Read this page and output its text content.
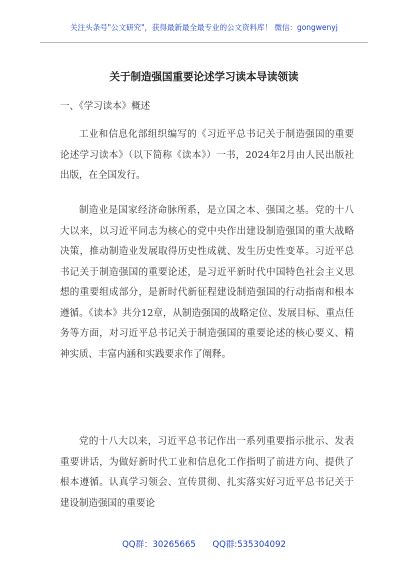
关注头条号"公文研究"，获得最新最全最专业的公文资料库！ 微信：gongwenyj
关于制造强国重要论述学习读本导读领读
一、《学习读本》概述

工业和信息化部组织编写的《习近平总书记关于制造强国的重要论述学习读本》（以下简称《读本》）一书，2024年2月由人民出版社出版，在全国发行。

制造业是国家经济命脉所系，是立国之本、强国之基。党的十八大以来，以习近平同志为核心的党中央作出建设制造强国的重大战略决策，推动制造业发展取得历史性成就、发生历史性变革。习近平总书记关于制造强国的重要论述，是习近平新时代中国特色社会主义思想的重要组成部分，是新时代新征程建设制造强国的行动指南和根本遵循。《读本》共分12章，从制造强国的战略定位、发展目标、重点任务等方面，对习近平总书记关于制造强国的重要论述的核心要义、精神实质、丰富内涵和实践要求作了阐释。

党的十八大以来，习近平总书记作出一系列重要指示批示、发表重要讲话，为做好新时代工业和信息化工作指明了前进方向、提供了根本遵循。认真学习领会、宣传贯彻、扎实落实好习近平总书记关于建设制造强国的重要论

QQ群：30265665 QQ群:535304092
